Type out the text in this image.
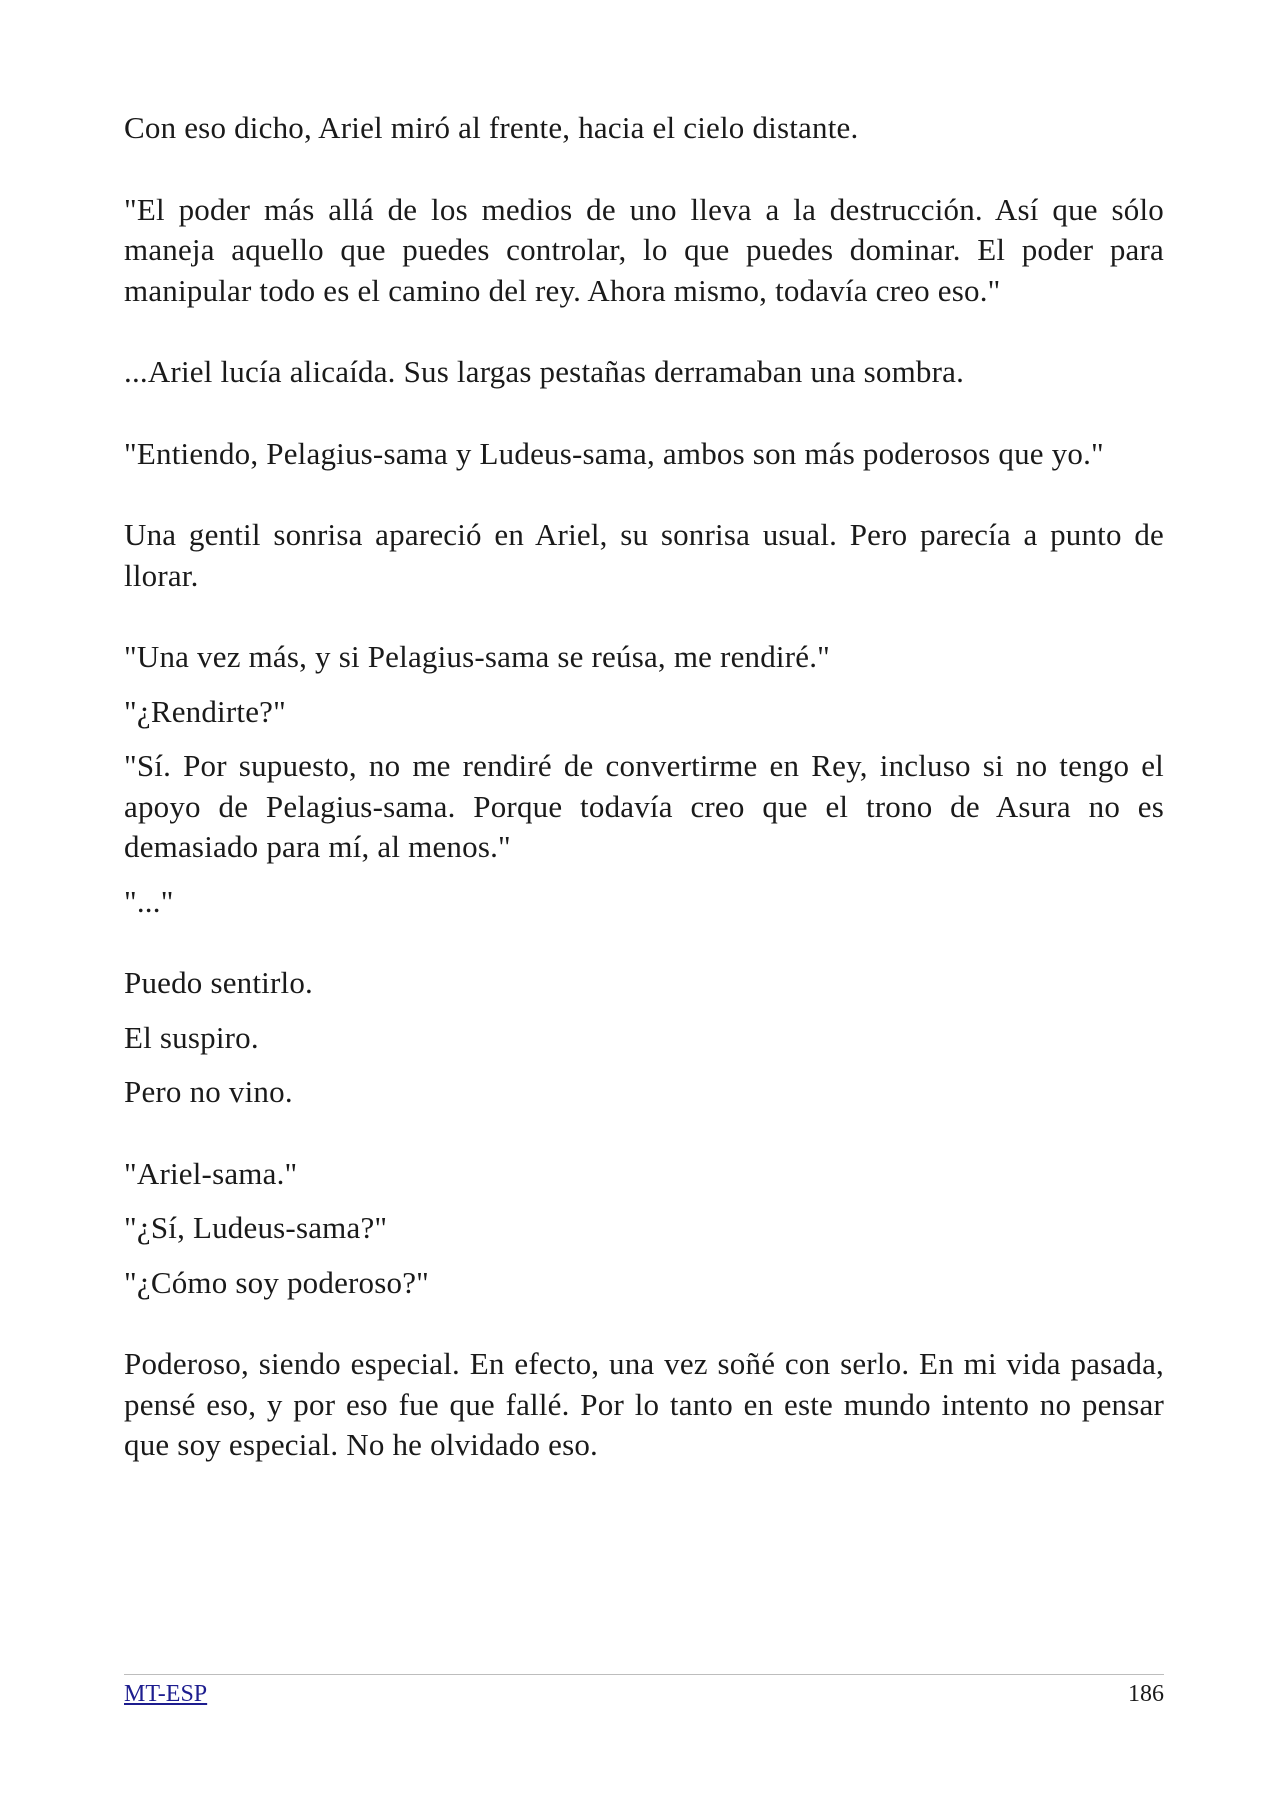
Con eso dicho, Ariel miró al frente, hacia el cielo distante.

"El poder más allá de los medios de uno lleva a la destrucción. Así que sólo maneja aquello que puedes controlar, lo que puedes dominar. El poder para manipular todo es el camino del rey. Ahora mismo, todavía creo eso."

...Ariel lucía alicaída. Sus largas pestañas derramaban una sombra.

"Entiendo, Pelagius-sama y Ludeus-sama, ambos son más poderosos que yo."

Una gentil sonrisa apareció en Ariel, su sonrisa usual. Pero parecía a punto de llorar.

"Una vez más, y si Pelagius-sama se reúsa, me rendiré."

"¿Rendirte?"

"Sí. Por supuesto, no me rendiré de convertirme en Rey, incluso si no tengo el apoyo de Pelagius-sama. Porque todavía creo que el trono de Asura no es demasiado para mí, al menos."

"..."

Puedo sentirlo.

El suspiro.

Pero no vino.

"Ariel-sama."

"¿Sí, Ludeus-sama?"

"¿Cómo soy poderoso?"

Poderoso, siendo especial. En efecto, una vez soñé con serlo. En mi vida pasada, pensé eso, y por eso fue que fallé. Por lo tanto en este mundo intento no pensar que soy especial. No he olvidado eso.

MT-ESP	186
